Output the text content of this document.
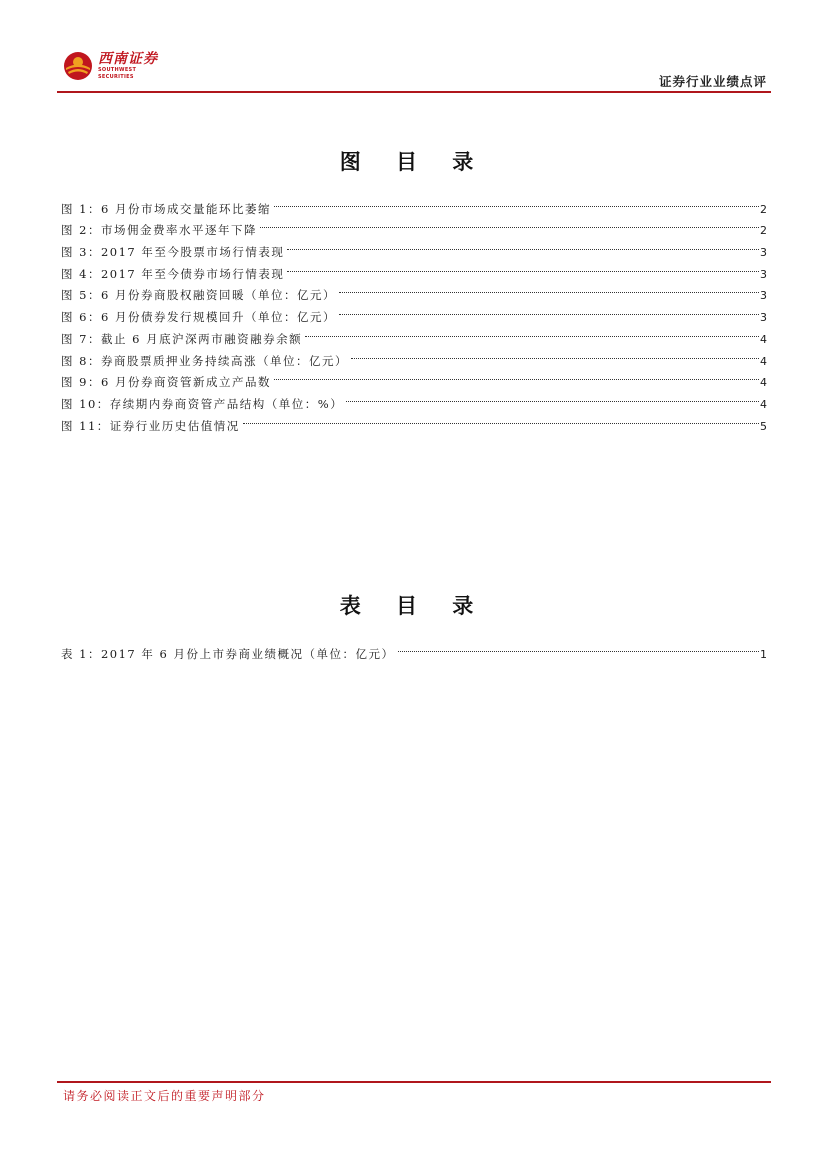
西南证券
SOUTHWEST SECURITIES	证券行业业绩点评
图 目 录
图 1：6 月份市场成交量能环比萎缩	2
图 2：市场佣金费率水平逐年下降	2
图 3：2017 年至今股票市场行情表现	3
图 4：2017 年至今债券市场行情表现	3
图 5：6 月份券商股权融资回暖（单位：亿元）	3
图 6：6 月份债券发行规模回升（单位：亿元）	3
图 7：截止 6 月底沪深两市融资融券余额	4
图 8：券商股票质押业务持续高涨（单位：亿元）	4
图 9：6 月份券商资管新成立产品数	4
图 10：存续期内券商资管产品结构（单位：%）	4
图 11：证券行业历史估值情况	5
表 目 录
表 1：2017 年 6 月份上市券商业绩概况（单位：亿元）	1
请务必阅读正文后的重要声明部分
